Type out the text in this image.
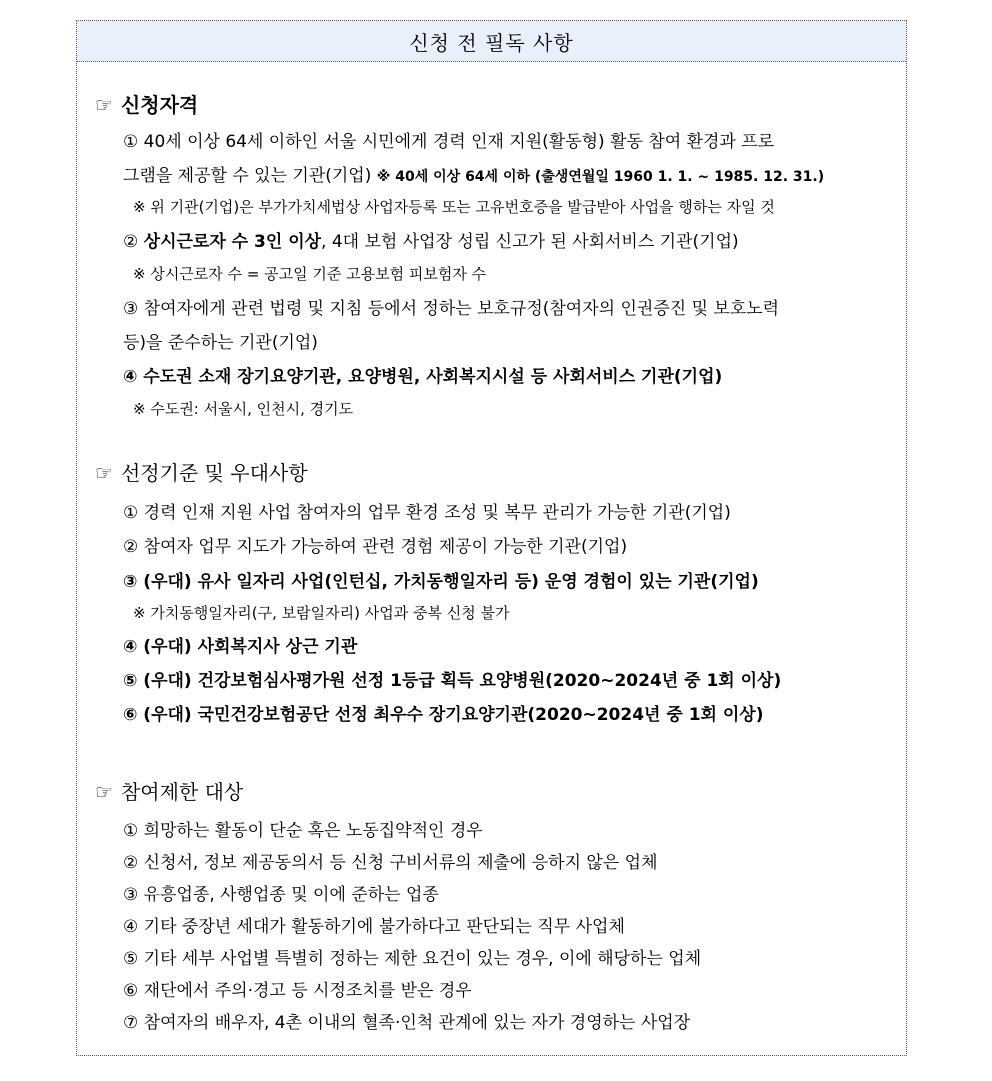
신청 전 필독 사항
☞ 신청자격
① 40세 이상 64세 이하인 서울 시민에게 경력 인재 지원(활동형) 활동 참여 환경과 프로
그램을 제공할 수 있는 기관(기업) ※ 40세 이상 64세 이하 (출생연월일 1960 1. 1. ~ 1985. 12. 31.)
※ 위 기관(기업)은 부가가치세법상 사업자등록 또는 고유번호증을 발급받아 사업을 행하는 자일 것
② 상시근로자 수 3인 이상, 4대 보험 사업장 성립 신고가 된 사회서비스 기관(기업)
※ 상시근로자 수 = 공고일 기준 고용보험 피보험자 수
③ 참여자에게 관련 법령 및 지침 등에서 정하는 보호규정(참여자의 인권증진 및 보호노력
등)을 준수하는 기관(기업)
④ 수도권 소재 장기요양기관, 요양병원, 사회복지시설 등 사회서비스 기관(기업)
※ 수도권: 서울시, 인천시, 경기도
☞ 선정기준 및 우대사항
① 경력 인재 지원 사업 참여자의 업무 환경 조성 및 복무 관리가 가능한 기관(기업)
② 참여자 업무 지도가 가능하여 관련 경험 제공이 가능한 기관(기업)
③ (우대) 유사 일자리 사업(인턴십, 가치동행일자리 등) 운영 경험이 있는 기관(기업)
※ 가치동행일자리(구, 보람일자리) 사업과 중복 신청 불가
④ (우대) 사회복지사 상근 기관
⑤ (우대) 건강보험심사평가원 선정 1등급 획득 요양병원(2020~2024년 중 1회 이상)
⑥ (우대) 국민건강보험공단 선정 최우수 장기요양기관(2020~2024년 중 1회 이상)
☞ 참여제한 대상
① 희망하는 활동이 단순 혹은 노동집약적인 경우
② 신청서, 정보 제공동의서 등 신청 구비서류의 제출에 응하지 않은 업체
③ 유흥업종, 사행업종 및 이에 준하는 업종
④ 기타 중장년 세대가 활동하기에 불가하다고 판단되는 직무 사업체
⑤ 기타 세부 사업별 특별히 정하는 제한 요건이 있는 경우, 이에 해당하는 업체
⑥ 재단에서 주의·경고 등 시정조치를 받은 경우
⑦ 참여자의 배우자, 4촌 이내의 혈족·인척 관계에 있는 자가 경영하는 사업장
